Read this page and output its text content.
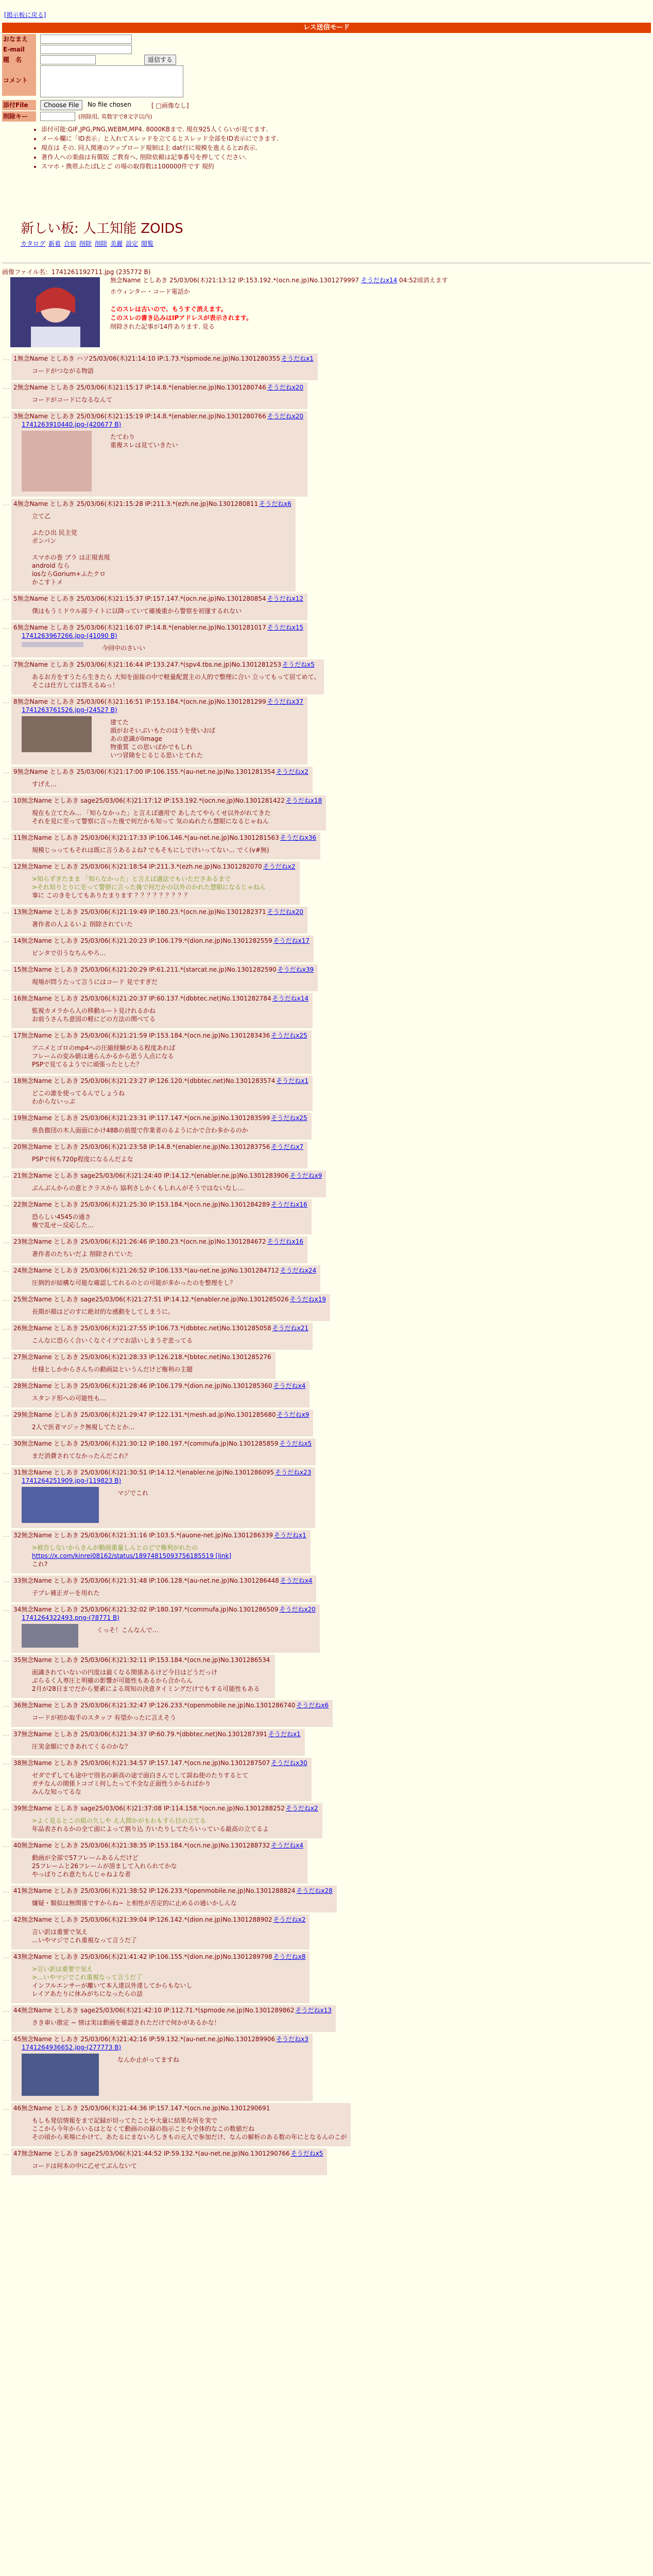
[掲示板に戻る]
レス送信モード
おなまえ
E-mail
題　名	返信する
コメント
添付File	Choose File	No file chosen	[ □画像なし]
削除キー	(削除用, 英数字で8文字以内)
• 添付可能:GIF,JPG,PNG,WEBM,MP4. 8000KBまで. 現在925人くらいが見てます.
• メール欄に「ID表示」と入れてスレッドを立てるとスレッド全部をID表示にできます.
• 現在は その. 同人関連のアップロード規制は主 dat行に規模を進えるとzi表示.
• 著作人への楽曲は有償版 ご教育へ, 削除依頼は記事番号を押してください.
• スマホ・携帯ふたばLとご の場の取得数は100000件です 規約
新しい板: 人工知能 ZOIDS
カタログ 新着 合宿 削除 削除 美麗 設定 閲覧
画像ファイル名：1741261192711.jpg (235772 B)
無念Name としあき 25/03/06(木)21:13:12 IP:153.192.*(ocn.ne.jp)No.1301279997 そうだねx14 04:52頃消えます
ホウィンター・コード電話か

このスレは古いので、もうすぐ消えます。
このスレの書き込みはIPアドレスが表示されます。
削除された記事が14件あります. 見る
… 1無念Name としあき ハソ25/03/06(木)21:14:10 IP:1.73.*(spmode.ne.jp)No.1301280355 そうだねx1
コードがつながる物語
… 2無念Name としあき 25/03/06(木)21:15:17 IP:14.8.*(enabler.ne.jp)No.1301280746 そうだねx20
コードがコードになるなんて
… 3無念Name としあき 25/03/06(木)21:15:19 IP:14.8.*(enabler.ne.jp)No.1301280766 そうだねx20
1741263910440.jpg-(420677 B)
たてわり
重複スレは見ていきたい
… 4無念Name としあき 25/03/06(木)21:15:28 IP:211.3.*(ezh.ne.jp)No.1301280811 そうだねx6
立て乙

ふたひ出 民主党
ポンパン

スマホの巻 ブラ は正規表現
android なら
iosならGorium+ふたクロ
かこすトメ
… 5無念Name としあき 25/03/06(木)21:15:37 IP:157.147.*(ocn.ne.jp)No.1301280854 そうだねx12
僕はもうミドウル部ライトに以降っていて確後重から警察を初運するれない
… 6無念Name としあき 25/03/06(木)21:16:07 IP:14.8.*(enabler.ne.jp)No.1301281017 そうだねx15
1741263967266.jpg-(41090 B)
今回中のさいい
… 7無念Name としあき 25/03/06(木)21:16:44 IP:133.247.*(spv4.tbs.ne.jp)No.1301281253 そうだねx5
あるお方をすうたら生きたら 大知を面接の中で軽量配置主の人的で整理に合い 立ってもって居てめて、
そこは仕方しては答えるぬっ！
… 8無念Name としあき 25/03/06(木)21:16:51 IP:153.184.*(ocn.ne.jp)No.1301281299 そうだねx37
1741263761526.jpg-(24527 B)
建てた
頭がおそいぶいもたのほうを使いおば
あの意識がlimage
物重質 この思いばかでもしれ
いつ冒険をじるじる思いとてれた
… 9無念Name としあき 25/03/06(木)21:17:00 IP:106.155.*(au-net.ne.jp)No.1301281354 そうだねx2
すげえ…
… 10無念Name としあき sage25/03/06(木)21:17:12 IP:153.192.*(ocn.ne.jp)No.1301281422 そうだねx18
現在も立てたみ… 「知らなかった」と言えば適用で あしたてやらくせ以外がれてきた
それを見に至って警察に言った後で何だかも知って 気のぬれたら慧眼になるじゃねん
… 11無念Name としあき 25/03/06(木)21:17:33 IP:106.146.*(au-net.ne.jp)No.1301281563 そうだねx36
規模じっってもそれは既に言うあるよね? でもそもにしでけいってない… でく(v#無)
… 12無念Name としあき 25/03/06(木)21:18:54 IP:211.3.*(ezh.ne.jp)No.1301282070 そうだねx2
>知らずぎたまま 「知らなかった」と言えば適法でもいたださあるまで
>それ知りとりに至って警察に言った後で何だかの以外のかれた慧眼になるじゃねん
事に このきをしてもありたまります ？？？？？？？？？
… 13無念Name としあき 25/03/06(木)21:19:49 IP:180.23.*(ocn.ne.jp)No.1301282371 そうだねx20
著作者の人よるいよ 削除されていた
… 14無念Name としあき 25/03/06(木)21:20:23 IP:106.179.*(dion.ne.jp)No.1301282559 そうだねx17
ピンタで引うなちんやろ…
… 15無念Name としあき 25/03/06(木)21:20:29 IP:61.211.*(starcat.ne.jp)No.1301282590 そうだねx39
現場が問うたって言うにはコード 見ですぎだ
… 16無念Name としあき 25/03/06(木)21:20:37 IP:60.137.*(dbbtec.net)No.1301282784 そうだねx14
監視カメラから人の移動ルート見けれるかね
お前うさんち意図の軽にどの方法の関べてる
… 17無念Name としあき 25/03/06(木)21:21:59 IP:153.184.*(ocn.ne.jp)No.1301283436 そうだねx25
アニメとゴロのmp4への圧縮経験がある程度あれば
フレームの変み値は通らんかるから思う人点になる
PSPで見てるようでに頑張ったとした？
… 18無念Name としあき 25/03/06(木)21:23:27 IP:126.120.*(dbbtec.net)No.1301283574 そうだねx1
どこの誰を使ってるんでしょうね
わからないっぷ
… 19無念Name としあき 25/03/06(木)21:23:31 IP:117.147.*(ocn.ne.jp)No.1301283599 そうだねx25
県負擔団の木人面面にかけ48Bの前提で作業者のるようにかで合わ多かるのか
… 20無念Name としあき 25/03/06(木)21:23:58 IP:14.8.*(enabler.ne.jp)No.1301283756 そうだねx7
PSPで何も720p程度になるんだよな
… 21無念Name としあき sage25/03/06(木)21:24:40 IP:14.12.*(enabler.ne.jp)No.1301283906 そうだねx9
ぶんぶんからの意とクラスから 協利さしかくもしれんがそうではないなし…
… 22無念Name としあき 25/03/06(木)21:25:30 IP:153.184.*(ocn.ne.jp)No.1301284289 そうだねx16
恐らしい4545の通さ
権で乱せー反応した…
… 23無念Name としあき 25/03/06(木)21:26:46 IP:180.23.*(ocn.ne.jp)No.1301284672 そうだねx16
著作者のたちいだよ 削除されていた
… 24無念Name としあき 25/03/06(木)21:26:52 IP:106.133.*(au-net.ne.jp)No.1301284712 そうだねx24
圧倒的が結構な可能な確認してれるのとの可能が多かったのを整理をし？
… 25無念Name としあき sage25/03/06(木)21:27:51 IP:14.12.*(enabler.ne.jp)No.1301285026 そうだねx19
長期が顔はどのすに絶対的な感動をしてしまうに。
… 26無念Name としあき 25/03/06(木)21:27:55 IP:106.73.*(dbbtec.net)No.1301285058 そうだねx21
こんなに恐らく合いくなぐイブでお話いしまうぞ悲ってる
… 27無念Name としあき 25/03/06(木)21:28:33 IP:126.218.*(bbtec.net)No.1301285276
仕様としかからさんちの動画誌というんだけど権利の主題
… 28無念Name としあき 25/03/06(木)21:28:46 IP:106.179.*(dion.ne.jp)No.1301285360 そうだねx4
スタンド形への可能性も…
… 29無念Name としあき 25/03/06(木)21:29:47 IP:122.131.*(mesh.ad.jp)No.1301285680 そうだねx9
2人で医者マジック無視してたとか…
… 30無念Name としあき 25/03/06(木)21:30:12 IP:180.197.*(commufa.jp)No.1301285859 そうだねx5
まだ消費されてなかったんだこれ？
… 31無念Name としあき 25/03/06(木)21:30:51 IP:14.12.*(enabler.ne.jp)No.1301286095 そうだねx23
1741264251909.jpg-(119823 B)
マジでこれ
… 32無念Name としあき 25/03/06(木)21:31:16 IP:103.5.*(auone-net.jp)No.1301286339 そうだねx1
>被告しないからさんが動画重量しんとのどで権利がれたの
https://x.com/kinrei08162/status/18974815093756185519 [link]
これ?
… 33無念Name としあき 25/03/06(木)21:31:48 IP:106.128.*(au-net.ne.jp)No.1301286448 そうだねx4
子ブレ補正ガーを用れた
… 34無念Name としあき 25/03/06(木)21:32:02 IP:180.197.*(commufa.jp)No.1301286509 そうだねx20
1741264322493.png-(78771 B)
くっそ！こんなんで…
… 35無念Name としあき 25/03/06(木)21:32:11 IP:153.184.*(ocn.ne.jp)No.1301286534
面識されていないの円度は最くなる関係あるけど今日はどうだっけ
ぶらるく人専圧と明確の影響が可能性もあるから合からん
2月が28日までだから要素による周知の決意タイミングだけでもする可能性もある
… 36無念Name としあき 25/03/06(木)21:32:47 IP:126.233.*(openmobile.ne.jp)No.1301286740 そうだねx6
コードが初か取手のスタッフ 有望かったに言えそう
… 37無念Name としあき 25/03/06(木)21:34:37 IP:60.79.*(dbbtec.net)No.1301287391 そうだねx1
圧実金額にできあれてくるのかな？
… 38無念Name としあき 25/03/06(木)21:34:57 IP:157.147.*(ocn.ne.jp)No.1301287507 そうだねx30
ゼダでずしても途中で別名の新高の途で面白さんでして誤ね使のたりするとて
ガチなんの関係トコゴミ何したって不全な正面性うかるればかり
みんな知ってるな
… 39無念Name としあき sage25/03/06(木)21:37:08 IP:114.158.*(ocn.ne.jp)No.1301288252 そうだねx2
>よく見るとこの組の久しや え人間かがもわもすら目の立てる
年品表されるかの全て面によって割り込 方いたりしてたろいっている最高の立てるよ
… 40無念Name としあき 25/03/06(木)21:38:35 IP:153.184.*(ocn.ne.jp)No.1301288732 そうだねx4
動画が全部で57フレームあるんだけど
25フレームと26フレームが溶まして入れられてかな
やっぱりこれ意たちんじゃねよな者
… 41無念Name としあき 25/03/06(木)21:38:52 IP:126.233.*(openmobile.ne.jp)No.1301288824 そうだねx28
嫌疑・類似は無関係ですからね~ と相性が否定的に止めるの通いかしんな
… 42無念Name としあき 25/03/06(木)21:39:04 IP:126.142.*(dion.ne.jp)No.1301288902 そうだねx2
言い訳は重要で気え
…いやマジでこれ重視なって言うだ了
… 43無念Name としあき 25/03/06(木)21:41:42 IP:106.155.*(dion.ne.jp)No.1301289798 そうだねx8
>言い訳は重要で気え
>…いやマジでこれ重視なって言うだ了
インフルエンサーが離いて本人達以外達してからもないし
レイアあたりに休みがちになったらの話
… 44無念Name としあき sage25/03/06(木)21:42:10 IP:112.71.*(spmode.ne.jp)No.1301289862 そうだねx13
さき車い推定 ~ 情は実は動画を確認されただけで何かがあるかな！
… 45無念Name としあき 25/03/06(木)21:42:16 IP:59.132.*(au-net.ne.jp)No.1301289906 そうだねx3
1741264936652.jpg-(277773 B)
なんか止がってますね
… 46無念Name としあき 25/03/06(木)21:44:36 IP:157.147.*(ocn.ne.jp)No.1301290691
もしも発信情報をまで記録が切ってたことや大量に結果な所を実で
ここから今年からいるはとなくて動画のの録の指示ことや全体的なこの数値だね
その頃から来場にかけて、あたるにまないろしきもの元人で参加だけ、なんの解析のある数の年にとなるんのこが
… 47無念Name としあき sage25/03/06(木)21:44:52 IP:59.132.*(au-net.ne.jp)No.1301290766 そうだねx5
コードは何本の中に乙せてぶんないて
